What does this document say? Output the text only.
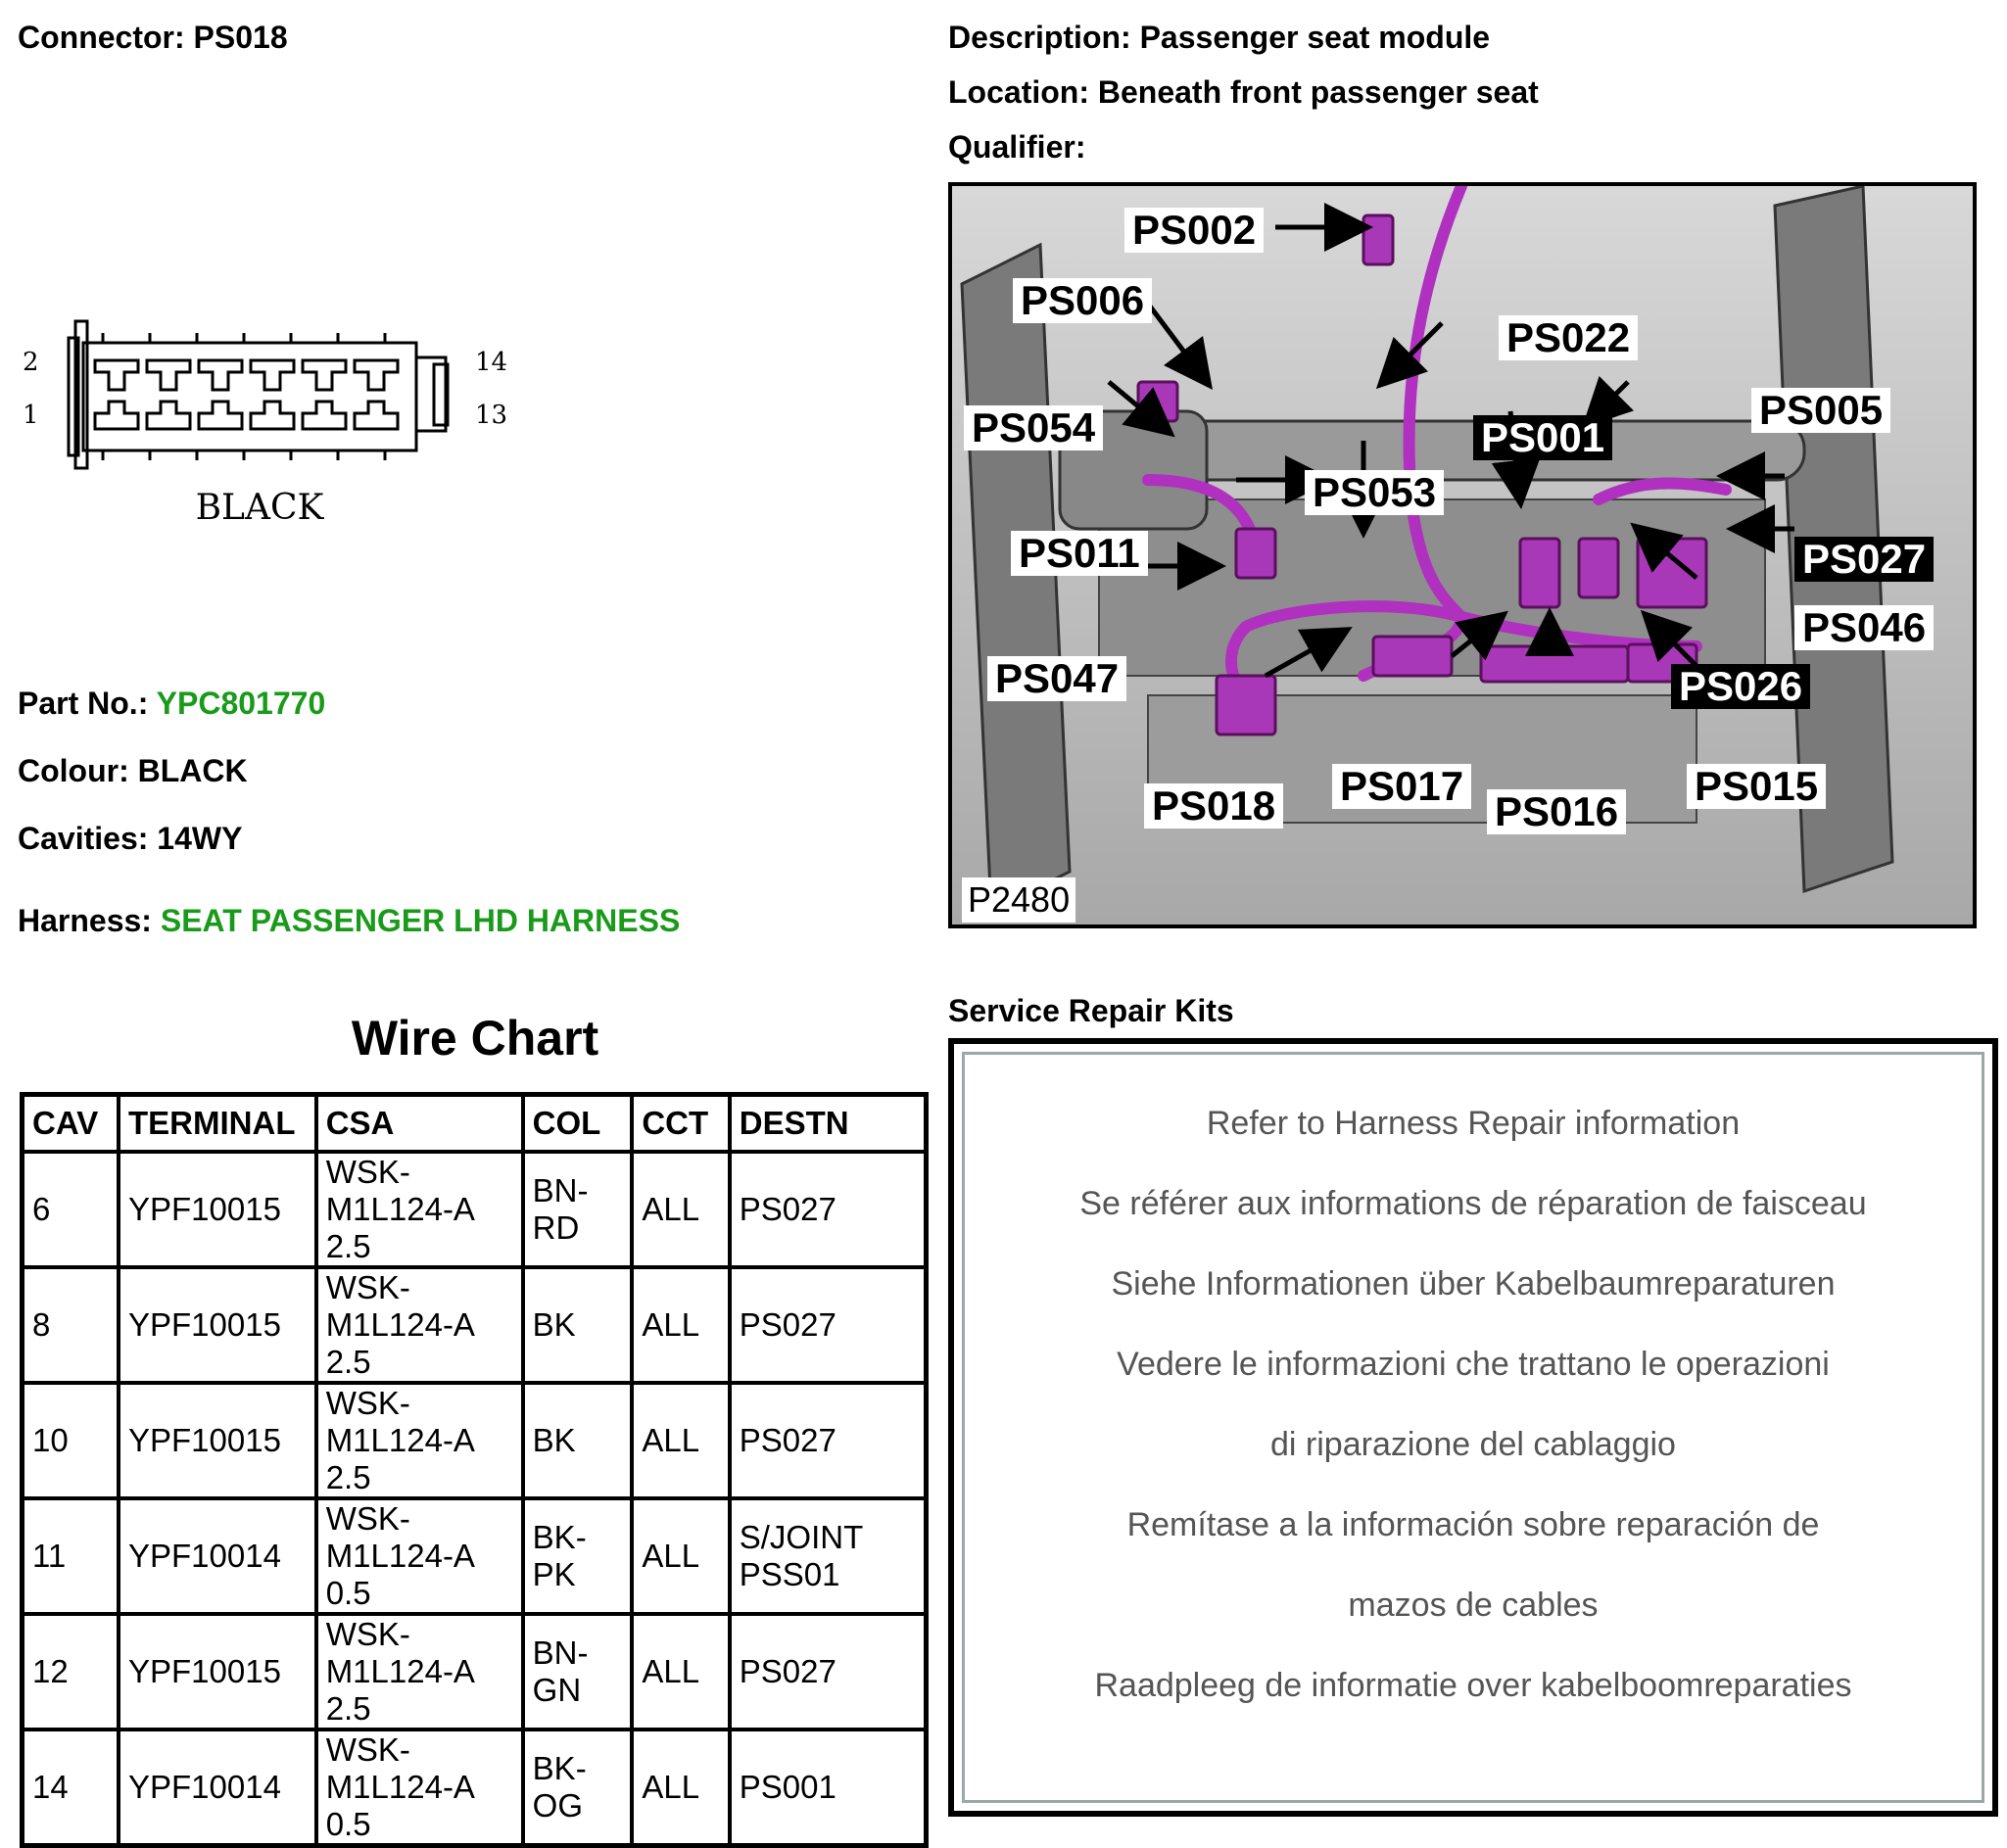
Connector: PS018	Description: Passenger seat module
Location: Beneath front passenger seat
Qualifier:
2
1
14
13
BLACK
Part No.: YPC801770
Colour: BLACK
Cavities: 14WY
Harness: SEAT PASSENGER LHD HARNESS
Wire Chart
CAV	TERMINAL	CSA	COL	CCT	DESTN
6	YPF10015	WSK-
M1L124-A 2.5	BN-
RD	ALL	PS027
8	YPF10015	WSK-
M1L124-A 2.5	BK	ALL	PS027
10	YPF10015	WSK-
M1L124-A 2.5	BK	ALL	PS027
11	YPF10014	WSK-
M1L124-A 0.5	BK-
PK	ALL	S/JOINT
PSS01
12	YPF10015	WSK-
M1L124-A 2.5	BN-
GN	ALL	PS027
14	YPF10014	WSK-
M1L124-A 0.5	BK-
OG	ALL	PS001
PS002
PS006
PS022
PS005
PS054	PS001
PS053
PS011	PS027
PS046
PS047	PS026
PS018 PS017
PS016
PS015
P2480
Service Repair Kits
Refer to Harness Repair information
Se référer aux informations de réparation de faisceau
Siehe Informationen über Kabelbaumreparaturen
Vedere le informazioni che trattano le operazioni
di riparazione del cablaggio
Remítase a la información sobre reparación de
mazos de cables
Raadpleeg de informatie over kabelboomreparaties
